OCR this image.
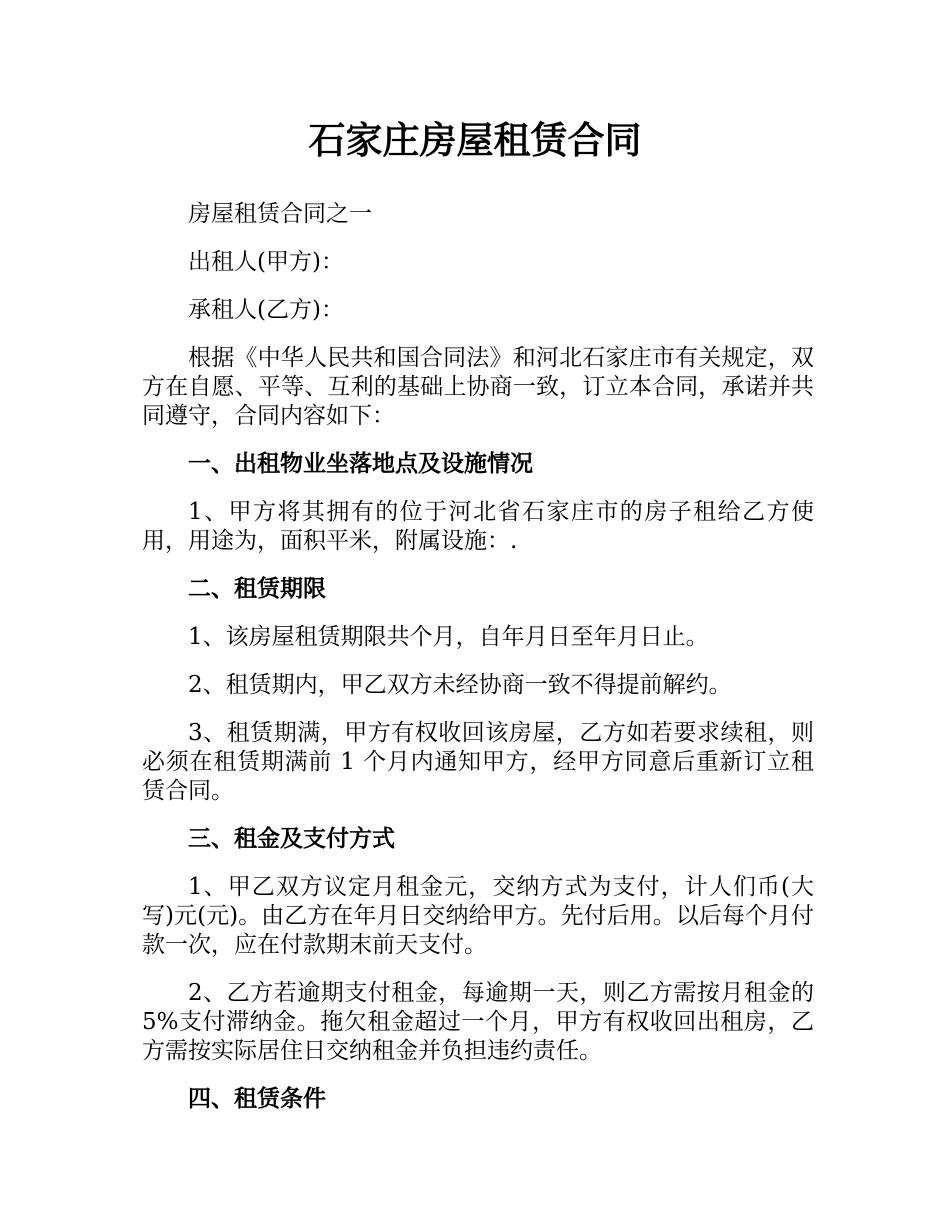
石家庄房屋租赁合同

房屋租赁合同之一

出租人(甲方)：

承租人(乙方)：

根据《中华人民共和国合同法》和河北石家庄市有关规定，双方在自愿、平等、互利的基础上协商一致，订立本合同，承诺并共同遵守，合同内容如下：

一、出租物业坐落地点及设施情况

1、甲方将其拥有的位于河北省石家庄市的房子租给乙方使用，用途为，面积平米，附属设施：.

二、租赁期限

1、该房屋租赁期限共个月，自年月日至年月日止。

2、租赁期内，甲乙双方未经协商一致不得提前解约。

3、租赁期满，甲方有权收回该房屋，乙方如若要求续租，则必须在租赁期满前 1 个月内通知甲方，经甲方同意后重新订立租赁合同。

三、租金及支付方式

1、甲乙双方议定月租金元，交纳方式为支付，计人们币(大写)元(元)。由乙方在年月日交纳给甲方。先付后用。以后每个月付款一次，应在付款期末前天支付。

2、乙方若逾期支付租金，每逾期一天，则乙方需按月租金的 5%支付滞纳金。拖欠租金超过一个月，甲方有权收回出租房，乙方需按实际居住日交纳租金并负担违约责任。

四、租赁条件
